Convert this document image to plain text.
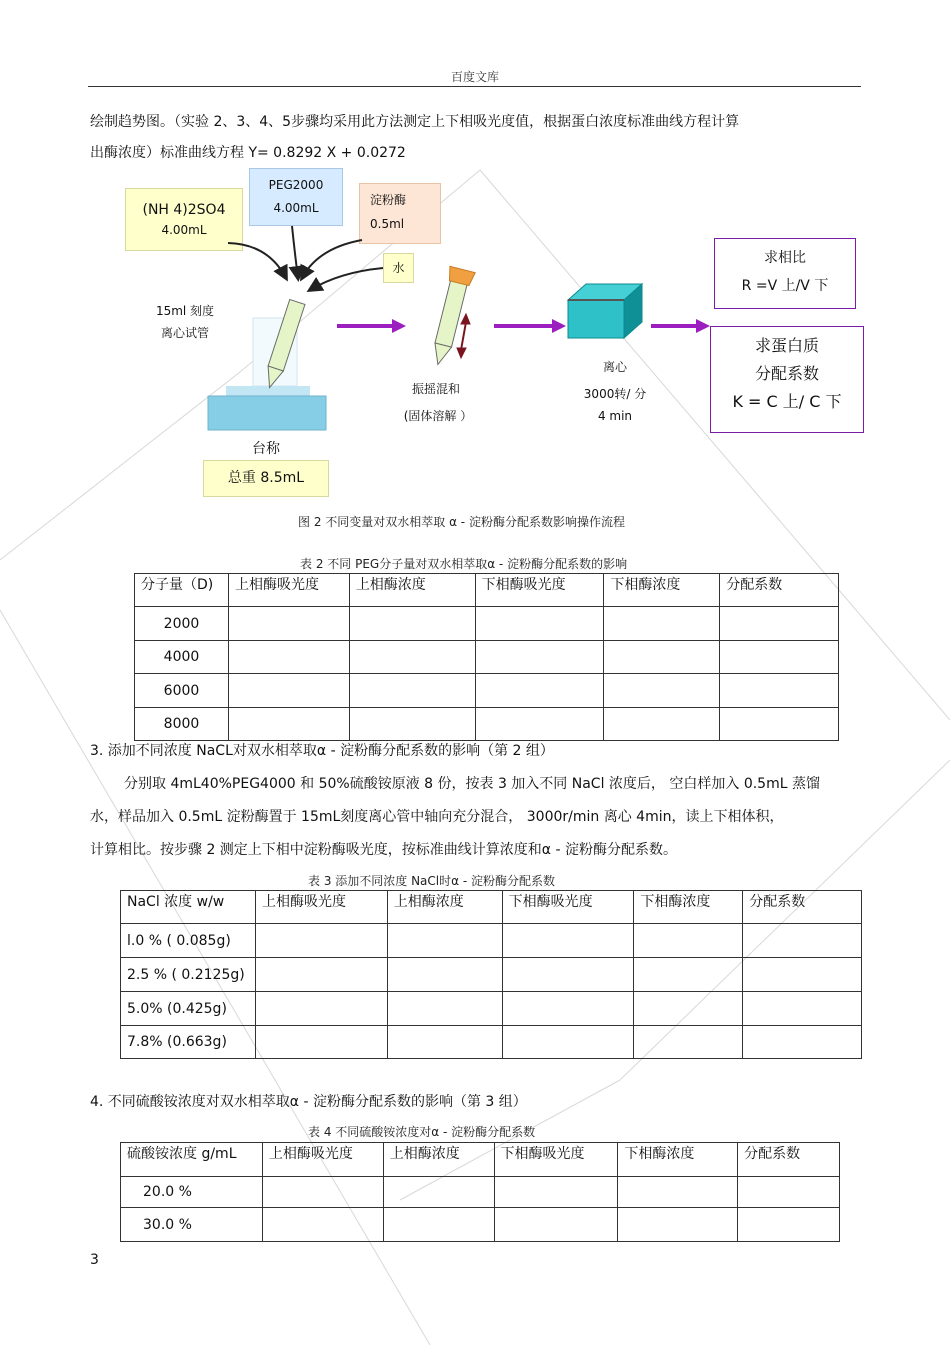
百度文库
绘制趋势图。（实验 2、3、4、5步骤均采用此方法测定上下相吸光度值，根据蛋白浓度标准曲线方程计算
出酶浓度）标准曲线方程 Y= 0.8292 X + 0.0272
(NH 4)2SO4
4.00mL
PEG2000
4.00mL
淀粉酶
0.5ml
水
15ml 刻度
离心试管
台称
总重 8.5mL
振摇混和
(固体溶解 ）
离心
3000转/ 分
4 min
求相比
R =V 上/V 下
求蛋白质
分配系数
K = C 上/ C 下
图 2 不同变量对双水相萃取 α - 淀粉酶分配系数影响操作流程
表 2 不同 PEG分子量对双水相萃取α - 淀粉酶分配系数的影响
分子量（D)	上相酶吸光度	上相酶浓度	下相酶吸光度	下相酶浓度	分配系数
2000					
4000					
6000					
8000					
3. 添加不同浓度 NaCL对双水相萃取α - 淀粉酶分配系数的影响（第 2 组）
分别取 4mL40%PEG4000 和 50%硫酸铵原液 8 份，按表 3 加入不同 NaCl 浓度后， 空白样加入 0.5mL 蒸馏
水，样品加入 0.5mL 淀粉酶置于 15mL刻度离心管中轴向充分混合， 3000r/min 离心 4min，读上下相体积，
计算相比。按步骤 2 测定上下相中淀粉酶吸光度，按标准曲线计算浓度和α - 淀粉酶分配系数。
表 3 添加不同浓度 NaCl时α - 淀粉酶分配系数
NaCl 浓度 w/w	上相酶吸光度	上相酶浓度	下相酶吸光度	下相酶浓度	分配系数
l.0 % ( 0.085g)					
2.5 % ( 0.2125g)					
5.0% (0.425g)					
7.8% (0.663g)					
4. 不同硫酸铵浓度对双水相萃取α - 淀粉酶分配系数的影响（第 3 组）
表 4 不同硫酸铵浓度对α - 淀粉酶分配系数
硫酸铵浓度 g/mL	上相酶吸光度	上相酶浓度	下相酶吸光度	下相酶浓度	分配系数
20.0 %					
30.0 %					
3
